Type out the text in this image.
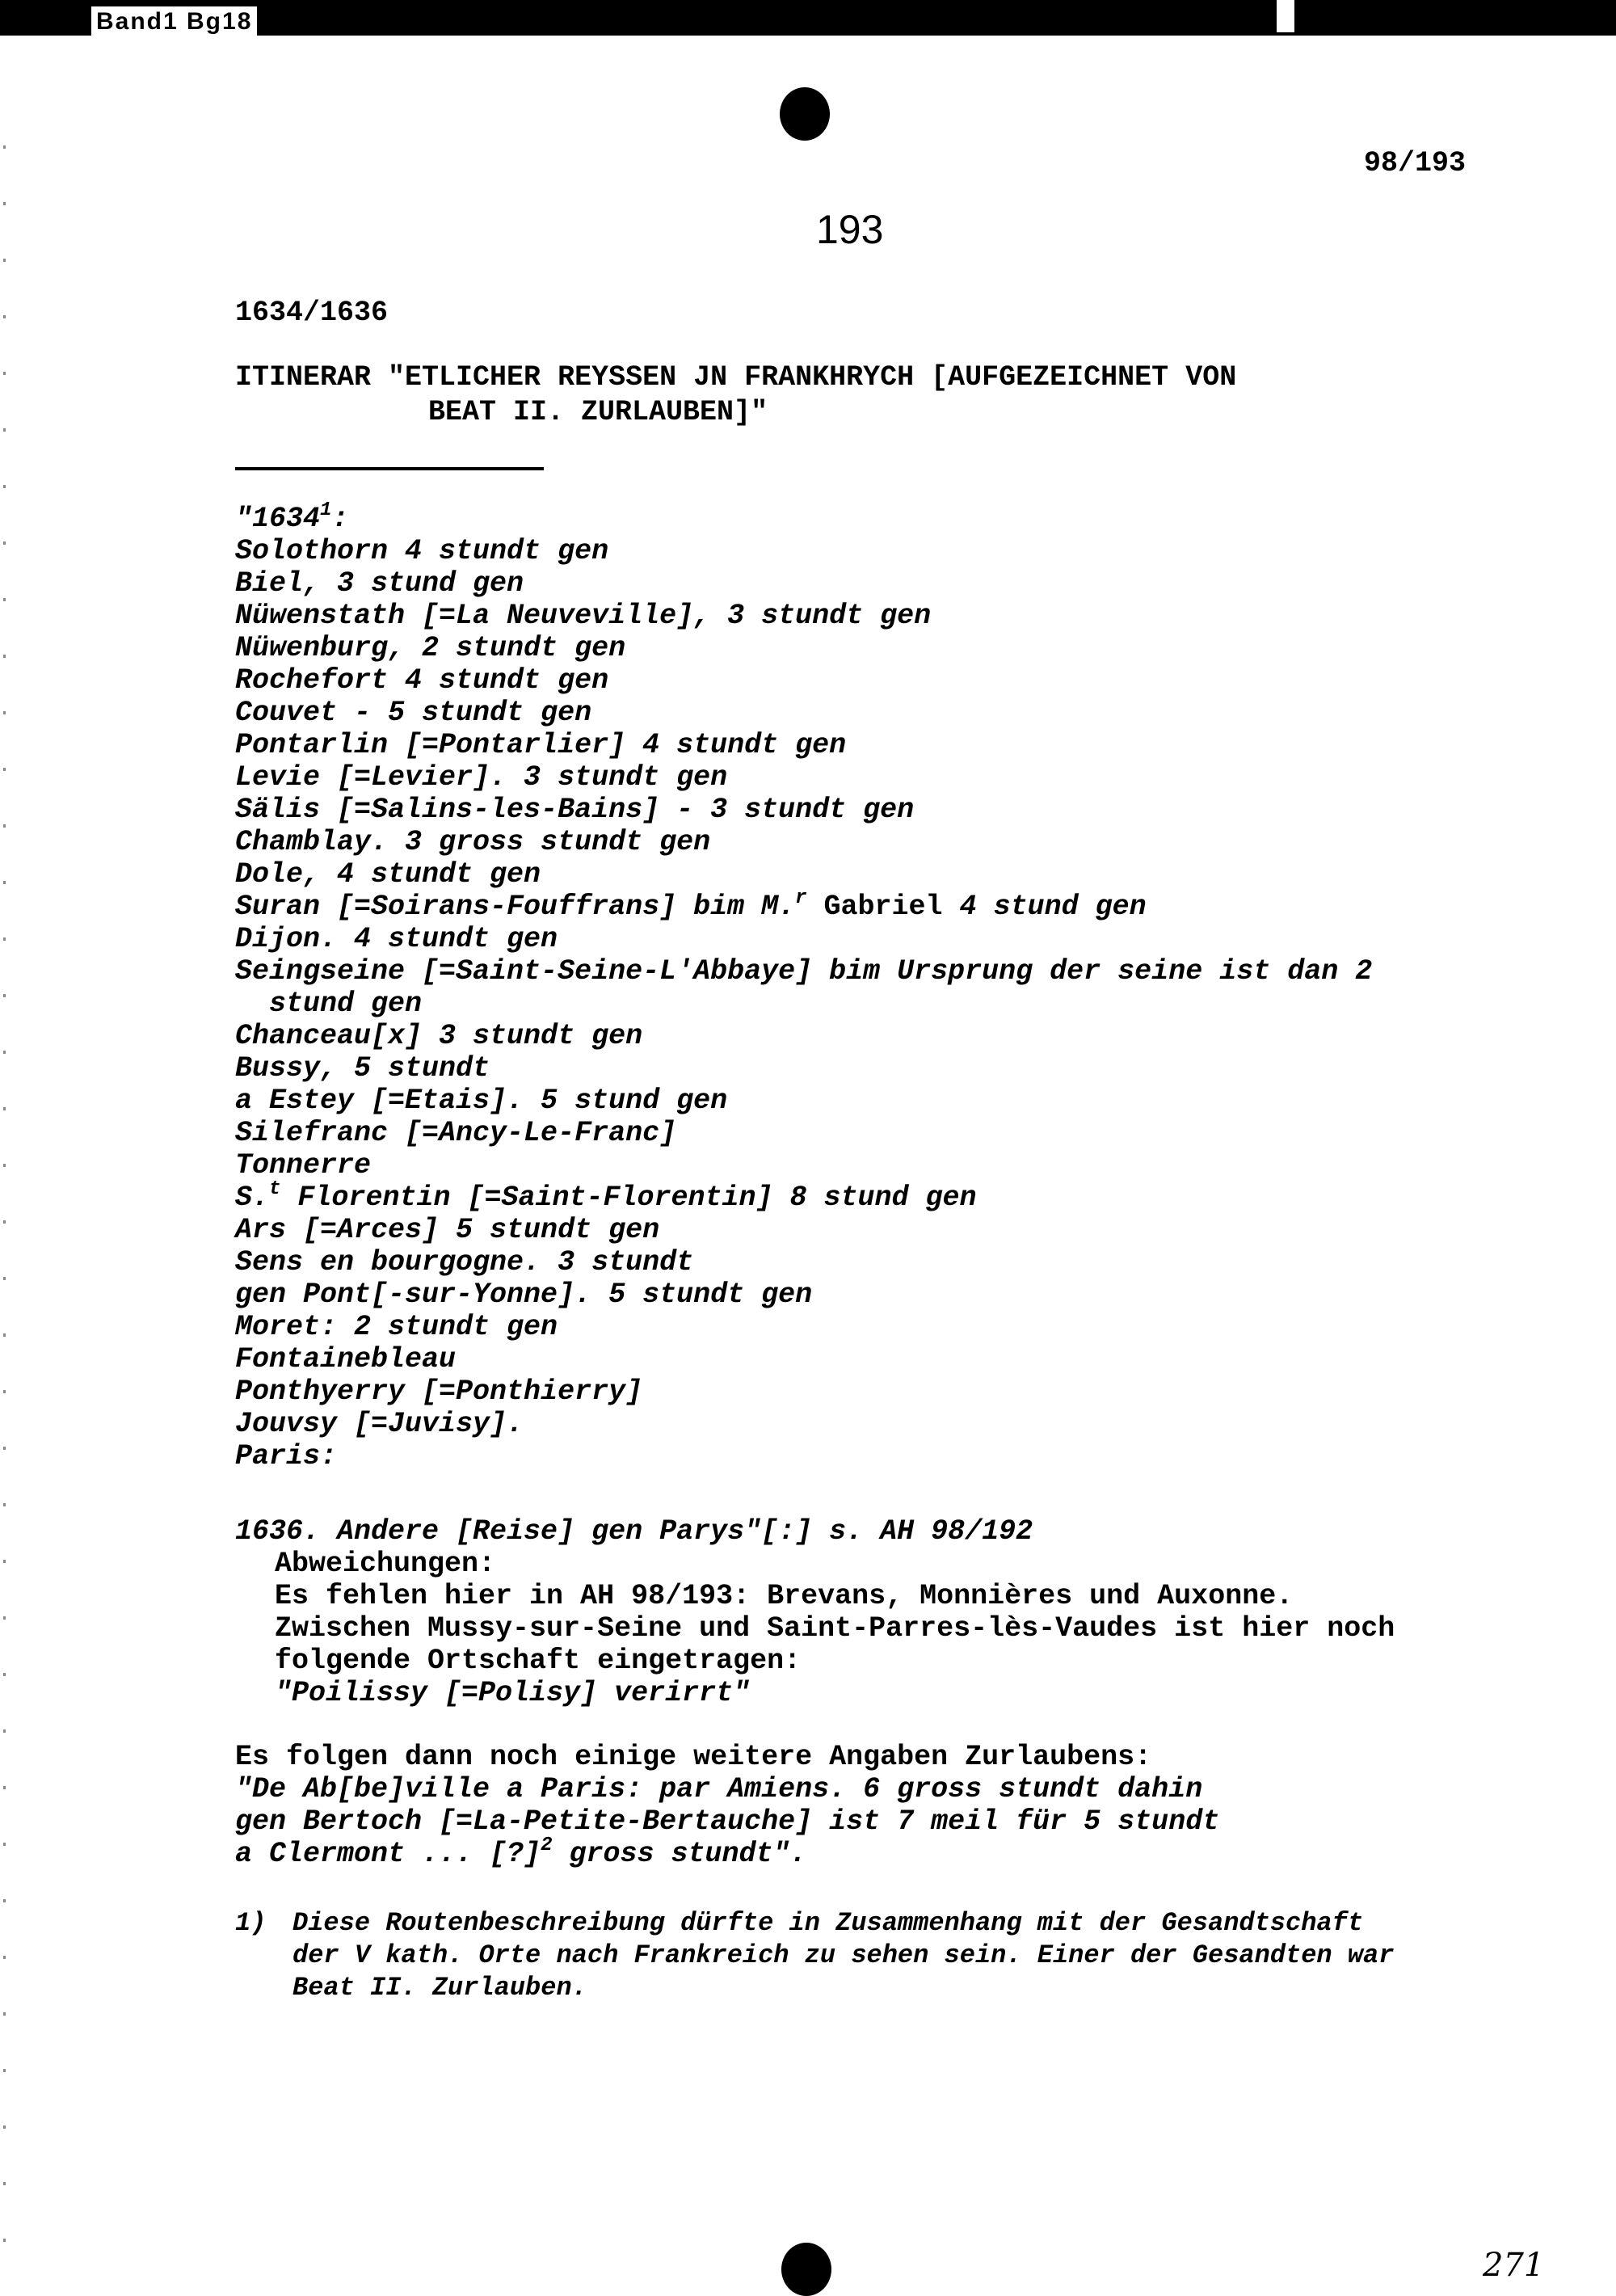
Band1 Bg18
98/193
193
1634/1636
ITINERAR "ETLICHER REYSSEN JN FRANKHRYCH [AUFGEZEICHNET VON
BEAT II. ZURLAUBEN]"
"1634$^1$:
Solothorn 4 stundt gen
Biel, 3 stund gen
Nüwenstath [=La Neuveville], 3 stundt gen
Nüwenburg, 2 stundt gen
Rochefort 4 stundt gen
Couvet - 5 stundt gen
Pontarlin [=Pontarlier] 4 stundt gen
Levie [=Levier]. 3 stundt gen
Sälis [=Salins-les-Bains] - 3 stundt gen
Chamblay. 3 gross stundt gen
Dole, 4 stundt gen
Suran [=Soirans-Fouffrans] bim M.$^r$ Gabriel 4 stund gen
Dijon. 4 stundt gen
Seingseine [=Saint-Seine-L'Abbaye] bim Ursprung der seine ist dan 2
stund gen
Chanceau[x] 3 stundt gen
Bussy, 5 stundt
a Estey [=Etais]. 5 stund gen
Silefranc [=Ancy-Le-Franc]
Tonnerre
S.$^t$ Florentin [=Saint-Florentin] 8 stund gen
Ars [=Arces] 5 stundt gen
Sens en bourgogne. 3 stundt
gen Pont[-sur-Yonne]. 5 stundt gen
Moret: 2 stundt gen
Fontainebleau
Ponthyerry [=Ponthierry]
Jouvsy [=Juvisy].
Paris:
1636. Andere [Reise] gen Parys"[:] s. AH 98/192
Abweichungen:
Es fehlen hier in AH 98/193: Brevans, Monnières und Auxonne.
Zwischen Mussy-sur-Seine und Saint-Parres-lès-Vaudes ist hier noch
folgende Ortschaft eingetragen:
"Poilissy [=Polisy] verirrt"
Es folgen dann noch einige weitere Angaben Zurlaubens:
"De Ab[be]ville a Paris: par Amiens. 6 gross stundt dahin
gen Bertoch [=La-Petite-Bertauche] ist 7 meil für 5 stundt
a Clermont ... [?]$^2$ gross stundt".
1) Diese Routenbeschreibung dürfte in Zusammenhang mit der Gesandtschaft
der V kath. Orte nach Frankreich zu sehen sein. Einer der Gesandten war
Beat II. Zurlauben.
271
